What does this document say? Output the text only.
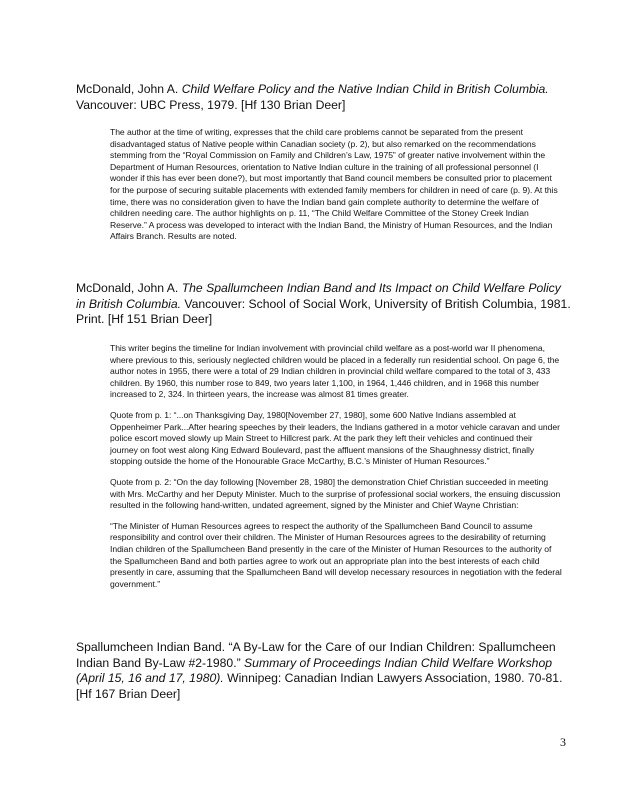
McDonald, John A. Child Welfare Policy and the Native Indian Child in British Columbia. Vancouver: UBC Press, 1979. [Hf 130 Brian Deer]

The author at the time of writing, expresses that the child care problems cannot be separated from the present disadvantaged status of Native people within Canadian society (p. 2), but also remarked on the recommendations stemming from the “Royal Commission on Family and Children’s Law, 1975” of greater native involvement within the Department of Human Resources, orientation to Native Indian culture in the training of all professional personnel (I wonder if this has ever been done?), but most importantly that Band council members be consulted prior to placement for the purpose of securing suitable placements with extended family members for children in need of care (p. 9). At this time, there was no consideration given to have the Indian band gain complete authority to determine the welfare of children needing care. The author highlights on p. 11, “The Child Welfare Committee of the Stoney Creek Indian Reserve.” A process was developed to interact with the Indian Band, the Ministry of Human Resources, and the Indian Affairs Branch. Results are noted.

McDonald, John A. The Spallumcheen Indian Band and Its Impact on Child Welfare Policy in British Columbia. Vancouver: School of Social Work, University of British Columbia, 1981. Print. [Hf 151 Brian Deer]

This writer begins the timeline for Indian involvement with provincial child welfare as a post-world war II phenomena, where previous to this, seriously neglected children would be placed in a federally run residential school. On page 6, the author notes in 1955, there were a total of 29 Indian children in provincial child welfare compared to the total of 3, 433 children. By 1960, this number rose to 849, two years later 1,100, in 1964, 1,446 children, and in 1968 this number increased to 2, 324. In thirteen years, the increase was almost 81 times greater.

Quote from p. 1: “...on Thanksgiving Day, 1980[November 27, 1980], some 600 Native Indians assembled at Oppenheimer Park...After hearing speeches by their leaders, the Indians gathered in a motor vehicle caravan and under police escort moved slowly up Main Street to Hillcrest park. At the park they left their vehicles and continued their journey on foot west along King Edward Boulevard, past the affluent mansions of the Shaughnessy district, finally stopping outside the home of the Honourable Grace McCarthy, B.C.’s Minister of Human Resources.”

Quote from p. 2: “On the day following [November 28, 1980] the demonstration Chief Christian succeeded in meeting with Mrs. McCarthy and her Deputy Minister. Much to the surprise of professional social workers, the ensuing discussion resulted in the following hand-written, undated agreement, signed by the Minister and Chief Wayne Christian:

“The Minister of Human Resources agrees to respect the authority of the Spallumcheen Band Council to assume responsibility and control over their children. The Minister of Human Resources agrees to the desirability of returning Indian children of the Spallumcheen Band presently in the care of the Minister of Human Resources to the authority of the Spallumcheen Band and both parties agree to work out an appropriate plan into the best interests of each child presently in care, assuming that the Spallumcheen Band will develop necessary resources in negotiation with the federal government.”

Spallumcheen Indian Band. “A By-Law for the Care of our Indian Children: Spallumcheen Indian Band By-Law #2-1980.” Summary of Proceedings Indian Child Welfare Workshop (April 15, 16 and 17, 1980). Winnipeg: Canadian Indian Lawyers Association, 1980. 70-81. [Hf 167 Brian Deer]
3
